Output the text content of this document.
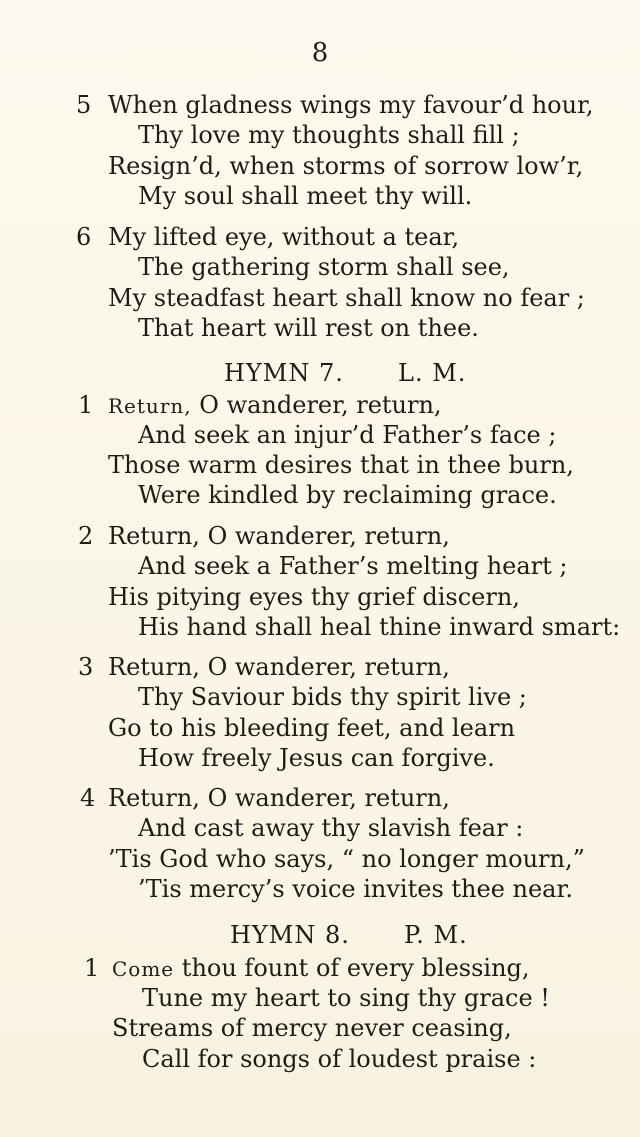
8
5 When gladness wings my favour’d hour,
Thy love my thoughts shall fill ;
Resign’d, when storms of sorrow low’r,
My soul shall meet thy will.
6 My lifted eye, without a tear,
The gathering storm shall see,
My steadfast heart shall know no fear ;
That heart will rest on thee.
HYMN 7. L. M.
1 Return, O wanderer, return,
And seek an injur’d Father’s face ;
Those warm desires that in thee burn,
Were kindled by reclaiming grace.
2 Return, O wanderer, return,
And seek a Father’s melting heart ;
His pitying eyes thy grief discern,
His hand shall heal thine inward smart:
3 Return, O wanderer, return,
Thy Saviour bids thy spirit live ;
Go to his bleeding feet, and learn
How freely Jesus can forgive.
4 Return, O wanderer, return,
And cast away thy slavish fear :
’Tis God who says, “ no longer mourn,”
’Tis mercy’s voice invites thee near.
HYMN 8. P. M.
1 Come thou fount of every blessing,
Tune my heart to sing thy grace !
Streams of mercy never ceasing,
Call for songs of loudest praise :
